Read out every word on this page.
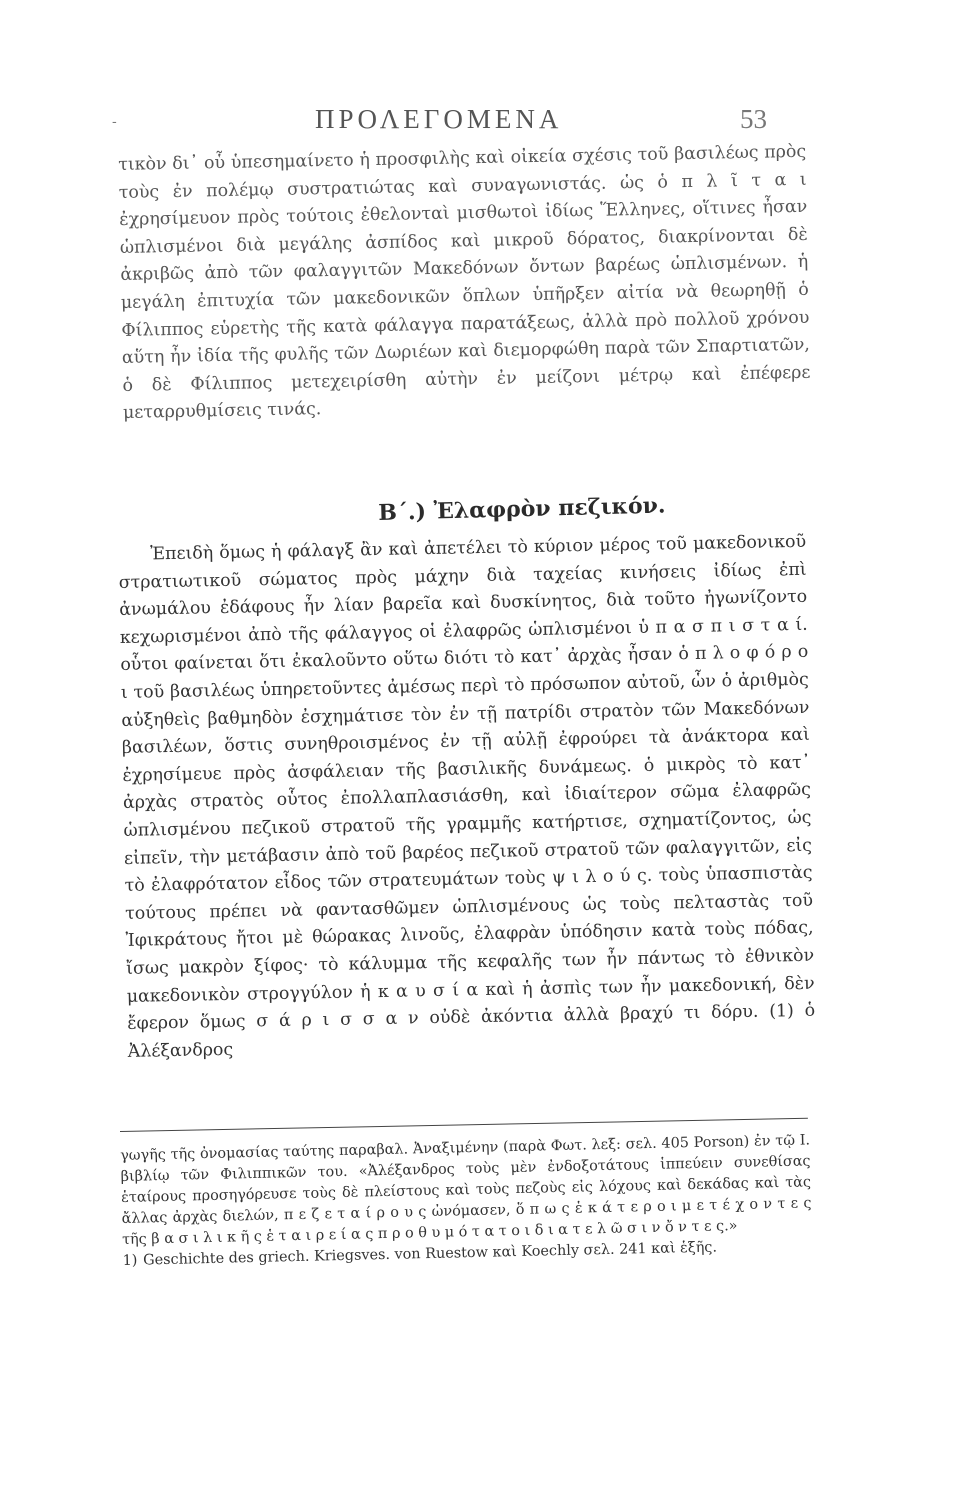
-	ΠΡΟΛΕΓΟΜΕΝΑ	53

τικὸν δι᾽ οὗ ὑπεσημαίνετο ἡ προσφιλὴς καὶ οἰκεία σχέσις τοῦ βασιλέως πρὸς τοὺς ἐν πολέμῳ συστρατιώτας καὶ συναγωνιστάς. ὡς ὁ π λ ῖ τ α ι ἐχρησίμευον πρὸς τούτοις ἐθελονταὶ μισθωτοὶ ἰδίως Ἕλληνες, οἵτινες ἦσαν ὡπλισμένοι διὰ μεγάλης ἀσπίδος καὶ μικροῦ δόρατος, διακρίνονται δὲ ἀκριβῶς ἀπὸ τῶν φαλαγγιτῶν Μακεδόνων ὄντων βαρέως ὡπλισμένων. ἡ μεγάλη ἐπιτυχία τῶν μακεδονικῶν ὅπλων ὑπῆρξεν αἰτία νὰ θεωρηθῇ ὁ Φίλιππος εὑρετὴς τῆς κατὰ φάλαγγα παρατάξεως, ἀλλὰ πρὸ πολλοῦ χρόνου αὕτη ἦν ἰδία τῆς φυλῆς τῶν Δωριέων καὶ διεμορφώθη παρὰ τῶν Σπαρτιατῶν, ὁ δὲ Φίλιππος μετεχειρίσθη αὐτὴν ἐν μείζονι μέτρῳ καὶ ἐπέφερε μεταρρυθμίσεις τινάς.

Β΄.) Ἐλαφρὸν πεζικόν.

Ἐπειδὴ ὅμως ἡ φάλαγξ ἂν καὶ ἀπετέλει τὸ κύριον μέρος τοῦ μακεδονικοῦ στρατιωτικοῦ σώματος πρὸς μάχην διὰ ταχείας κινήσεις ἰδίως ἐπὶ ἀνωμάλου ἐδάφους ἦν λίαν βαρεῖα καὶ δυσκίνητος, διὰ τοῦτο ἠγωνίζοντο κεχωρισμένοι ἀπὸ τῆς φάλαγγος οἱ ἐλαφρῶς ὡπλισμένοι ὑ π α σ π ι σ τ α ί. οὗτοι φαίνεται ὅτι ἐκαλοῦντο οὕτω διότι τὸ κατ᾽ ἀρχὰς ἦσαν ὁ π λ ο φ ό ρ ο ι τοῦ βασιλέως ὑπηρετοῦντες ἀμέσως περὶ τὸ πρόσωπον αὐτοῦ, ὧν ὁ ἀριθμὸς αὐξηθεὶς βαθμηδὸν ἐσχημάτισε τὸν ἐν τῇ πατρίδι στρατὸν τῶν Μακεδόνων βασιλέων, ὅστις συνηθροισμένος ἐν τῇ αὐλῇ ἐφρούρει τὰ ἀνάκτορα καὶ ἐχρησίμευε πρὸς ἀσφάλειαν τῆς βασιλικῆς δυνάμεως. ὁ μικρὸς τὸ κατ᾽ ἀρχὰς στρατὸς οὗτος ἐπολλαπλασιάσθη, καὶ ἰδιαίτερον σῶμα ἐλαφρῶς ὡπλισμένου πεζικοῦ στρατοῦ τῆς γραμμῆς κατήρτισε, σχηματίζοντος, ὡς εἰπεῖν, τὴν μετάβασιν ἀπὸ τοῦ βαρέος πεζικοῦ στρατοῦ τῶν φαλαγγιτῶν, εἰς τὸ ἐλαφρότατον εἶδος τῶν στρατευμάτων τοὺς ψ ι λ ο ύ ς. τοὺς ὑπασπιστὰς τούτους πρέπει νὰ φαντασθῶμεν ὡπλισμένους ὡς τοὺς πελταστὰς τοῦ Ἰφικράτους ἤτοι μὲ θώρακας λινοῦς, ἐλαφρὰν ὑπόδησιν κατὰ τοὺς πόδας, ἴσως μακρὸν ξίφος· τὸ κάλυμμα τῆς κεφαλῆς των ἦν πάντως τὸ ἐθνικὸν μακεδονικὸν στρογγύλον ἡ κ α υ σ ί α καὶ ἡ ἀσπὶς των ἦν μακεδονική, δὲν ἔφερον ὅμως σ ά ρ ι σ σ α ν οὐδὲ ἀκόντια ἀλλὰ βραχύ τι δόρυ. (1) ὁ Ἀλέξανδρος

γωγῆς τῆς ὀνομασίας ταύτης παραβαλ. Ἀναξιμένην (παρὰ Φωτ. λεξ: σελ. 405 Porson) ἐν τῷ I. βιβλίῳ τῶν Φιλιππικῶν του. «Ἀλέξανδρος τοὺς μὲν ἐνδοξοτάτους ἱππεύειν συνεθίσας ἑταίρους προσηγόρευσε τοὺς δὲ πλείστους καὶ τοὺς πεζοὺς εἰς λόχους καὶ δεκάδας καὶ τὰς ἄλλας ἀρχὰς διελών, π ε ζ ε τ α ί ρ ο υ ς ὠνόμασεν, ὅ π ω ς ἑ κ ά τ ε ρ ο ι μ ε τ έ χ ο ν τ ε ς τῆς β α σ ι λ ι κ ῆ ς ἑ τ α ι ρ ε ί α ς π ρ ο θ υ μ ό τ α τ ο ι δ ι α τ ε λ ῶ σ ι ν ὄ ν τ ε ς.»

1) Geschichte des griech. Kriegsves. von Ruestow καὶ Koechly σελ. 241 καὶ ἑξῆς.
